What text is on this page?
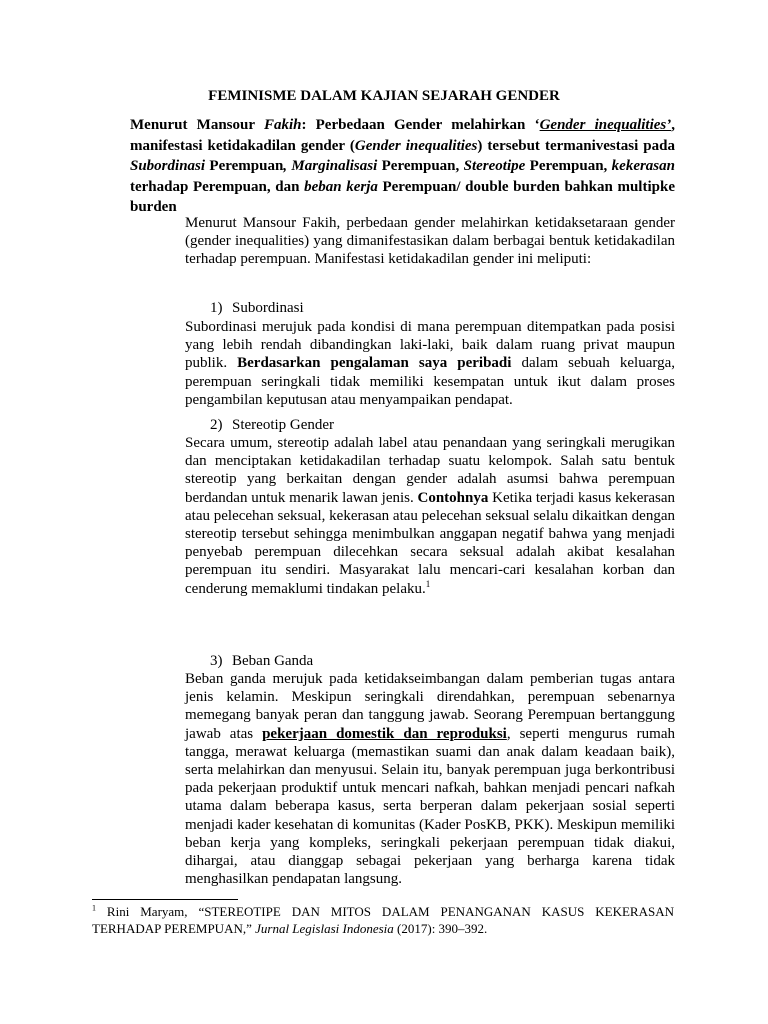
FEMINISME DALAM KAJIAN SEJARAH GENDER
Menurut Mansour Fakih: Perbedaan Gender melahirkan ‘Gender inequalities’, manifestasi ketidakadilan gender (Gender inequalities) tersebut termanivestasi pada Subordinasi Perempuan, Marginalisasi Perempuan, Stereotipe Perempuan, kekerasan terhadap Perempuan, dan beban kerja Perempuan/ double burden bahkan multipke burden
Menurut Mansour Fakih, perbedaan gender melahirkan ketidaksetaraan gender (gender inequalities) yang dimanifestasikan dalam berbagai bentuk ketidakadilan terhadap perempuan. Manifestasi ketidakadilan gender ini meliputi:
1) Subordinasi
Subordinasi merujuk pada kondisi di mana perempuan ditempatkan pada posisi yang lebih rendah dibandingkan laki-laki, baik dalam ruang privat maupun publik. Berdasarkan pengalaman saya peribadi dalam sebuah keluarga, perempuan seringkali tidak memiliki kesempatan untuk ikut dalam proses pengambilan keputusan atau menyampaikan pendapat.
2) Stereotip Gender
Secara umum, stereotip adalah label atau penandaan yang seringkali merugikan dan menciptakan ketidakadilan terhadap suatu kelompok. Salah satu bentuk stereotip yang berkaitan dengan gender adalah asumsi bahwa perempuan berdandan untuk menarik lawan jenis. Contohnya Ketika terjadi kasus kekerasan atau pelecehan seksual, kekerasan atau pelecehan seksual selalu dikaitkan dengan stereotip tersebut sehingga menimbulkan anggapan negatif bahwa yang menjadi penyebab perempuan dilecehkan secara seksual adalah akibat kesalahan perempuan itu sendiri. Masyarakat lalu mencari-cari kesalahan korban dan cenderung memaklumi tindakan pelaku.$^1$
3) Beban Ganda
Beban ganda merujuk pada ketidakseimbangan dalam pemberian tugas antara jenis kelamin. Meskipun seringkali direndahkan, perempuan sebenarnya memegang banyak peran dan tanggung jawab. Seorang Perempuan bertanggung jawab atas pekerjaan domestik dan reproduksi, seperti mengurus rumah tangga, merawat keluarga (memastikan suami dan anak dalam keadaan baik), serta melahirkan dan menyusui. Selain itu, banyak perempuan juga berkontribusi pada pekerjaan produktif untuk mencari nafkah, bahkan menjadi pencari nafkah utama dalam beberapa kasus, serta berperan dalam pekerjaan sosial seperti menjadi kader kesehatan di komunitas (Kader PosKB, PKK). Meskipun memiliki beban kerja yang kompleks, seringkali pekerjaan perempuan tidak diakui, dihargai, atau dianggap sebagai pekerjaan yang berharga karena tidak menghasilkan pendapatan langsung.
$^1$ Rini Maryam, “STEREOTIPE DAN MITOS DALAM PENANGANAN KASUS KEKERASAN TERHADAP PEREMPUAN,” Jurnal Legislasi Indonesia (2017): 390–392.
